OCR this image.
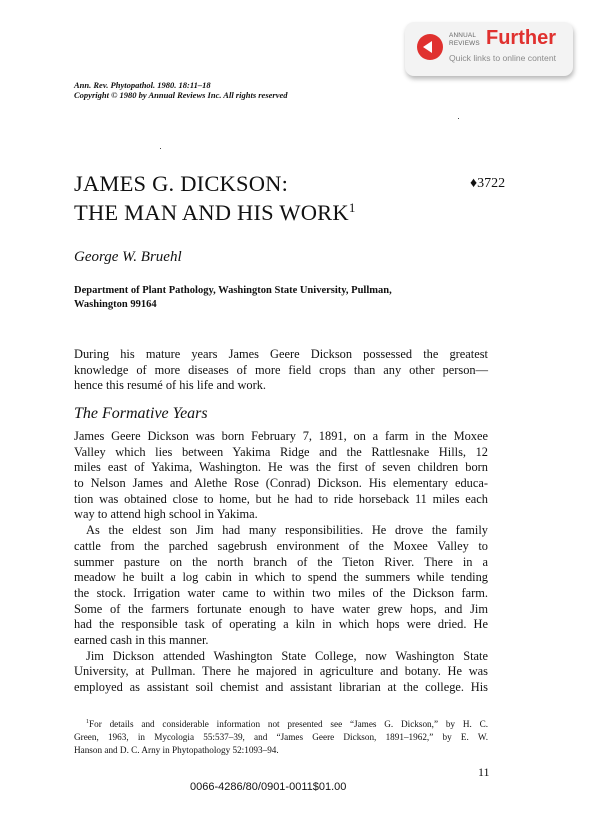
ANNUAL
REVIEWS Further
Quick links to online content
Ann. Rev. Phytopathol. 1980. 18:11–18
Copyright © 1980 by Annual Reviews Inc. All rights reserved
JAMES G. DICKSON:
THE MAN AND HIS WORK$^1$
♦3722
George W. Bruehl
Department of Plant Pathology, Washington State University, Pullman,
Washington 99164
During his mature years James Geere Dickson possessed the greatest
knowledge of more diseases of more field crops than any other person—
hence this resumé of his life and work.
The Formative Years
James Geere Dickson was born February 7, 1891, on a farm in the Moxee
Valley which lies between Yakima Ridge and the Rattlesnake Hills, 12
miles east of Yakima, Washington. He was the first of seven children born
to Nelson James and Alethe Rose (Conrad) Dickson. His elementary educa-
tion was obtained close to home, but he had to ride horseback 11 miles each
way to attend high school in Yakima.
As the eldest son Jim had many responsibilities. He drove the family
cattle from the parched sagebrush environment of the Moxee Valley to
summer pasture on the north branch of the Tieton River. There in a
meadow he built a log cabin in which to spend the summers while tending
the stock. Irrigation water came to within two miles of the Dickson farm.
Some of the farmers fortunate enough to have water grew hops, and Jim
had the responsible task of operating a kiln in which hops were dried. He
earned cash in this manner.
Jim Dickson attended Washington State College, now Washington State
University, at Pullman. There he majored in agriculture and botany. He was
employed as assistant soil chemist and assistant librarian at the college. His
$^1$For details and considerable information not presented see “James G. Dickson,” by H. C.
Green, 1963, in Mycologia 55:537–39, and “James Geere Dickson, 1891–1962,” by E. W.
Hanson and D. C. Arny in Phytopathology 52:1093–94.
11
0066-4286/80/0901-0011$01.00
